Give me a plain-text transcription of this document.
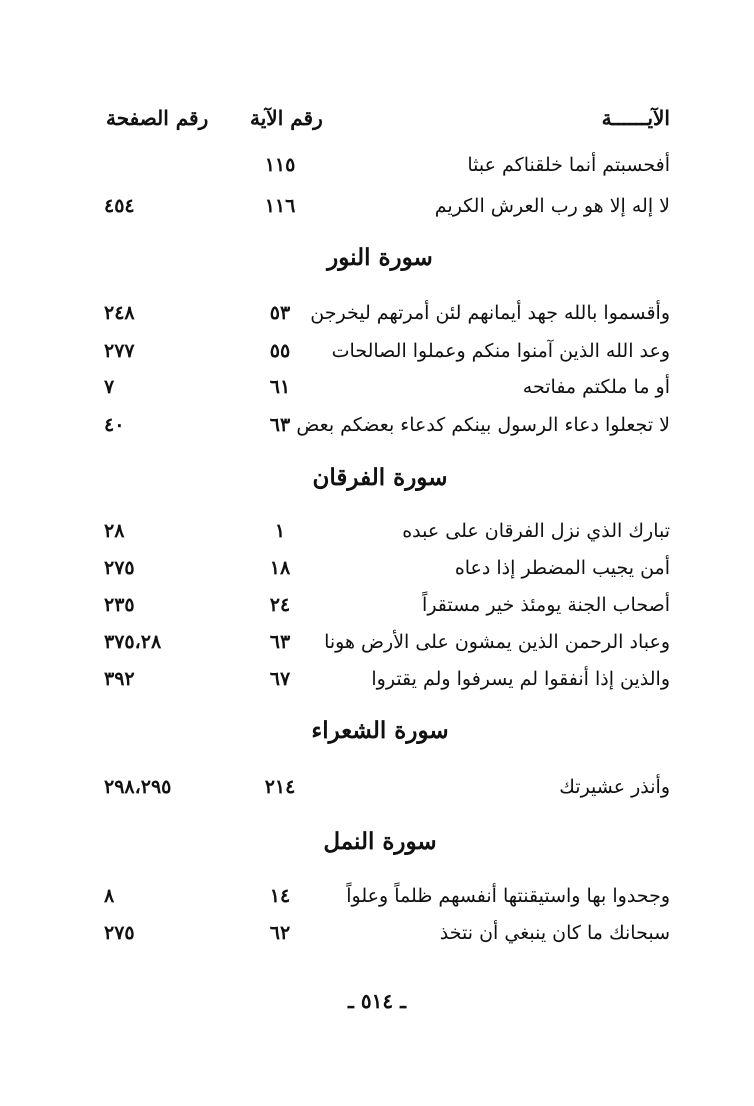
الآيــــــة
رقم الآية
رقم الصفحة
أفحسبتم أنما خلقناكم عبثا
١١٥
لا إله إلا هو رب العرش الكريم
١١٦
٤٥٤
سورة النور
وأقسموا بالله جهد أيمانهم لئن أمرتهم ليخرجن
٥٣
٢٤٨
وعد الله الذين آمنوا منكم وعملوا الصالحات
٥٥
٢٧٧
أو ما ملكتم مفاتحه
٦١
٧
لا تجعلوا دعاء الرسول بينكم كدعاء بعضكم بعض
٦٣
٤٠
سورة الفرقان
تبارك الذي نزل الفرقان على عبده
١
٢٨
أمن يجيب المضطر إذا دعاه
١٨
٢٧٥
أصحاب الجنة يومئذ خير مستقراً
٢٤
٢٣٥
وعباد الرحمن الذين يمشون على الأرض هونا
٦٣
٣٧٥،٢٨
والذين إذا أنفقوا لم يسرفوا ولم يقتروا
٦٧
٣٩٢
سورة الشعراء
وأنذر عشيرتك
٢١٤
٢٩٨،٢٩٥
سورة النمل
وجحدوا بها واستيقنتها أنفسهم ظلماً وعلواً
١٤
٨
سبحانك ما كان ينبغي أن نتخذ
٦٢
٢٧٥
ـ ٥١٤ ـ
